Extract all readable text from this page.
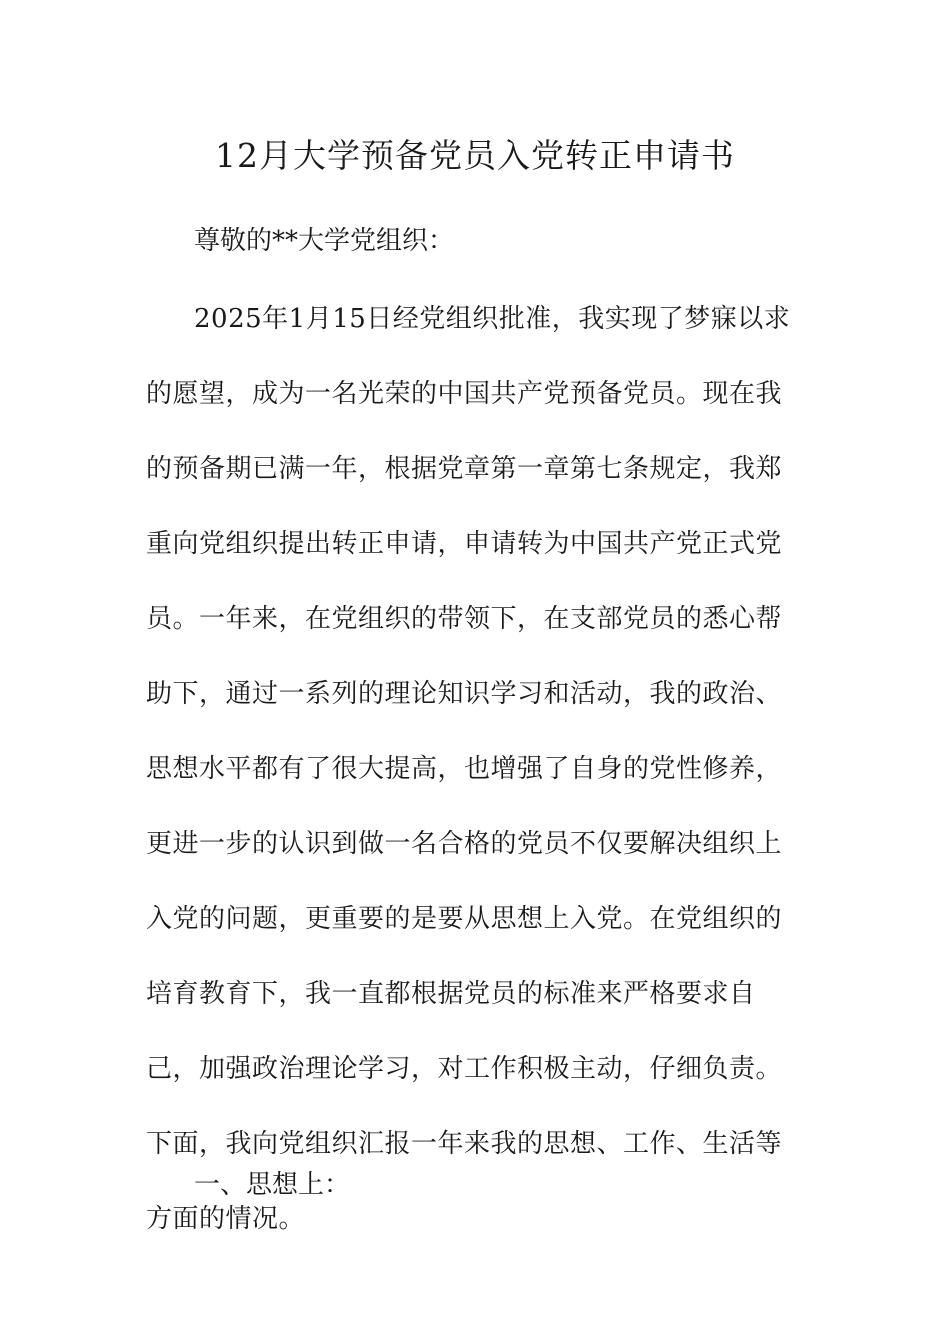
12月大学预备党员入党转正申请书

尊敬的**大学党组织：

2025年1月15日经党组织批准，我实现了梦寐以求的愿望，成为一名光荣的中国共产党预备党员。现在我的预备期已满一年，根据党章第一章第七条规定，我郑重向党组织提出转正申请，申请转为中国共产党正式党员。一年来，在党组织的带领下，在支部党员的悉心帮助下，通过一系列的理论知识学习和活动，我的政治、思想水平都有了很大提高，也增强了自身的党性修养，更进一步的认识到做一名合格的党员不仅要解决组织上入党的问题，更重要的是要从思想上入党。在党组织的培育教育下，我一直都根据党员的标准来严格要求自己，加强政治理论学习，对工作积极主动，仔细负责。下面，我向党组织汇报一年来我的思想、工作、生活等方面的情况。

一、思想上：
